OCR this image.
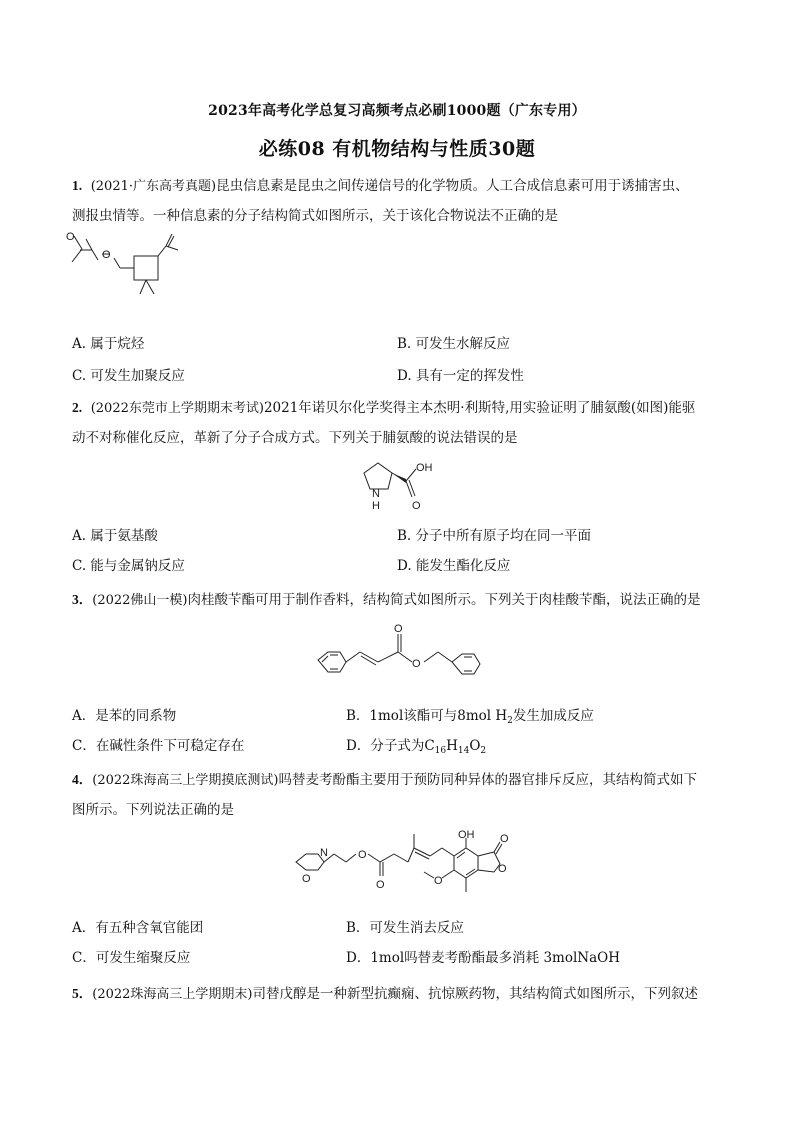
2023年高考化学总复习高频考点必刷1000题（广东专用）
必练08 有机物结构与性质30题
1. (2021·广东高考真题)昆虫信息素是昆虫之间传递信号的化学物质。人工合成信息素可用于诱捕害虫、
测报虫情等。一种信息素的分子结构简式如图所示，关于该化合物说法不正确的是
O
O
A. 属于烷烃	B. 可发生水解反应
C. 可发生加聚反应	D. 具有一定的挥发性
2. (2022东莞市上学期期末考试)2021年诺贝尔化学奖得主本杰明·利斯特,用实验证明了脯氨酸(如图)能驱
动不对称催化反应，革新了分子合成方式。下列关于脯氨酸的说法错误的是
OH
N
H	O
A. 属于氨基酸	B. 分子中所有原子均在同一平面
C. 能与金属钠反应	D. 能发生酯化反应
3．(2022佛山一模)肉桂酸苄酯可用于制作香料，结构简式如图所示。下列关于肉桂酸苄酯，说法正确的是
O
O
A．是苯的同系物	B．1mol该酯可与8mol $H_2$发生加成反应
C．在碱性条件下可稳定存在	D．分子式为$C_{16}H_{14}O_2$
4．(2022珠海高三上学期摸底测试)吗替麦考酚酯主要用于预防同种异体的器官排斥反应，其结构简式如下
图所示。下列说法正确的是
O
N	O
O
OH
O
O
O
A．有五种含氧官能团	B．可发生消去反应
C．可发生缩聚反应	D．1mol吗替麦考酚酯最多消耗 3molNaOH
5．(2022珠海高三上学期期末)司替戊醇是一种新型抗癫痫、抗惊厥药物，其结构简式如图所示，下列叙述
